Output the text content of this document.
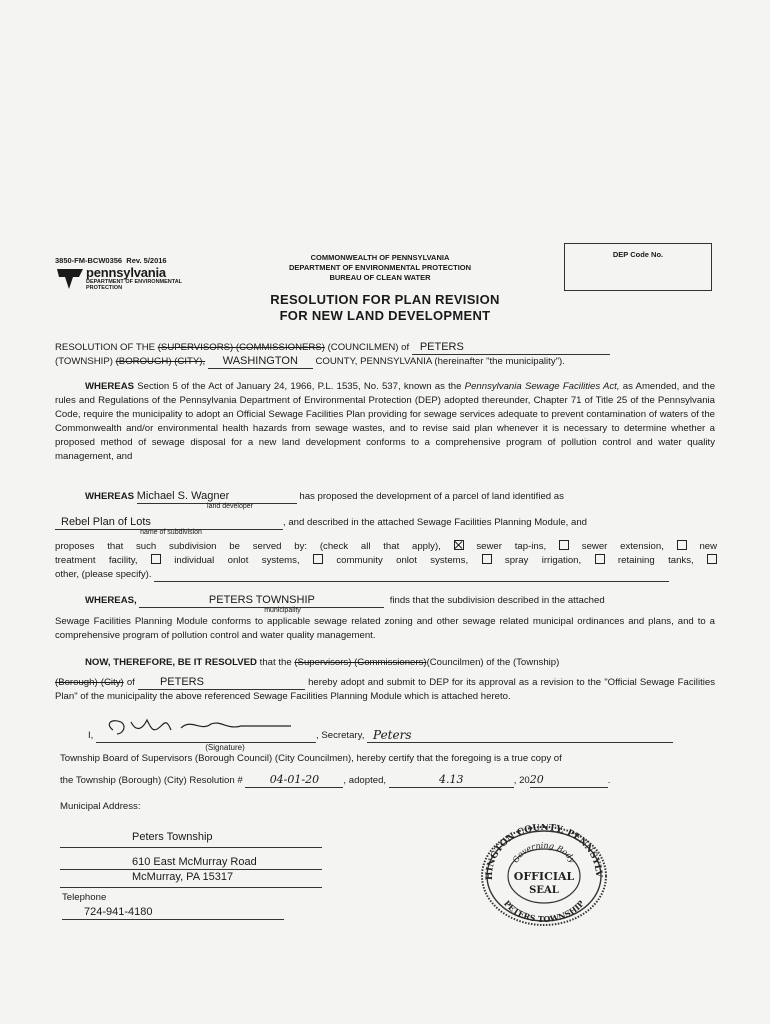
3850-FM-BCW0356 Rev. 5/2016
pennsylvania
DEPARTMENT OF ENVIRONMENTAL
PROTECTION
COMMONWEALTH OF PENNSYLVANIA
DEPARTMENT OF ENVIRONMENTAL PROTECTION
BUREAU OF CLEAN WATER
DEP Code No.
RESOLUTION FOR PLAN REVISION
FOR NEW LAND DEVELOPMENT
RESOLUTION OF THE (SUPERVISORS) (COMMISSIONERS) (COUNCILMEN) of PETERS
(TOWNSHIP) (BOROUGH) (CITY), WASHINGTON COUNTY, PENNSYLVANIA (hereinafter "the municipality").
WHEREAS Section 5 of the Act of January 24, 1966, P.L. 1535, No. 537, known as the Pennsylvania Sewage Facilities Act, as Amended, and the rules and Regulations of the Pennsylvania Department of Environmental Protection (DEP) adopted thereunder, Chapter 71 of Title 25 of the Pennsylvania Code, require the municipality to adopt an Official Sewage Facilities Plan providing for sewage services adequate to prevent contamination of waters of the Commonwealth and/or environmental health hazards from sewage wastes, and to revise said plan whenever it is necessary to determine whether a proposed method of sewage disposal for a new land development conforms to a comprehensive program of pollution control and water quality management, and
WHEREAS Michael S. Wagner	has proposed the development of a parcel of land identified as
land developer
Rebel Plan of Lots	, and described in the attached Sewage Facilities Planning Module, and
name of subdivision
proposes that such subdivision be served by: (check all that apply),	sewer tap-ins,	sewer extension,	new
treatment facility,	individual onlot systems,	community onlot systems,	spray irrigation,	retaining tanks,
other, (please specify).
WHEREAS,	PETERS TOWNSHIP	finds that the subdivision described in the attached
municipality
Sewage Facilities Planning Module conforms to applicable sewage related zoning and other sewage related municipal ordinances and plans, and to a comprehensive program of pollution control and water quality management.
NOW, THEREFORE, BE IT RESOLVED that the (Supervisors) (Commissioners)(Councilmen) of the (Township)
(Borough) (City) of PETERS	hereby adopt and submit to DEP for its approval as a revision to the "Official Sewage Facilities Plan" of the municipality the above referenced Sewage Facilities Planning Module which is attached hereto.
I,	, Secretary, Peters
(Signature)
Township Board of Supervisors (Borough Council) (City Councilmen), hereby certify that the foregoing is a true copy of
the Township (Borough) (City) Resolution # 04-01-20	, adopted,	4.13	, 2020	.
Municipal Address:
Peters Township
610 East McMurray Road
McMurray, PA 15317
Telephone 724-941-4180
HINGTON COUNTY, PENNSYLV
PETERS TOWNSHIP
Governing Body
OFFICIAL
SEAL
